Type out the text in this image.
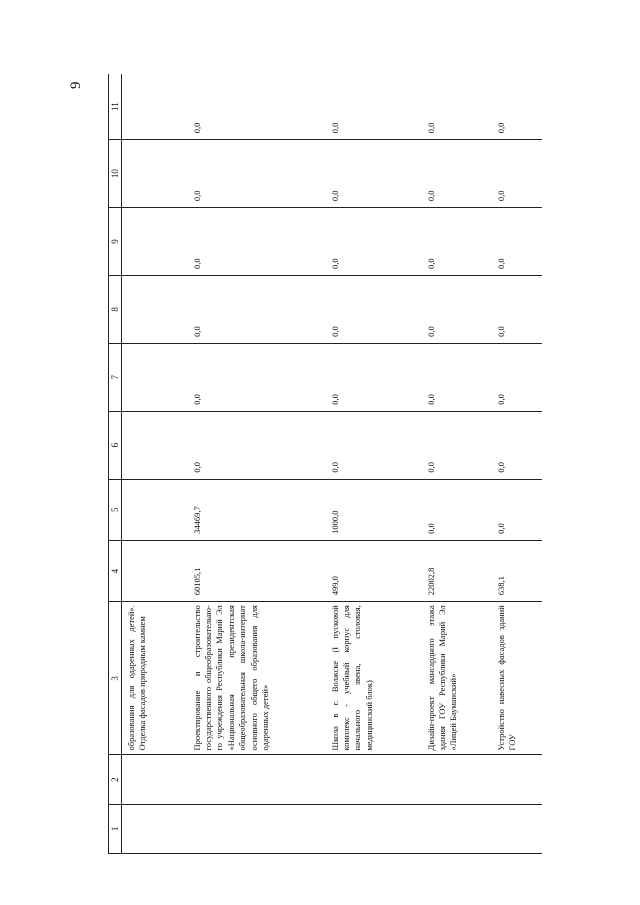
9
1	2	3	4	5	6	7	8	9	10	11
		образования для одаренных детей». Отделка фасадов природным камнем								
		Проектирование и строительство государственного общеобразовательно-го учреждения Республики Марий Эл «Национальная президентская общеобразовательная школа-интернат основного общего образования для одаренных детей»	60105,1	34469,7	0,0	0,0	0,0	0,0	0,0	0,0
		Школа в г. Волжске (I пусковой комплекс - учебный корпус для начального звена, столовая, медицинский блок)	499,0	1000,0	0,0	0,0	0,0	0,0	0,0	0,0
		Дизайн-проект мансардного этажа здания ГОУ Республики Марий Эл «Лицей Бауманский»	22002,8	0,0	0,0	0,0	0,0	0,0	0,0	0,0
		Устройство навесных фасадов зданий ГОУ	638,1	0,0	0,0	0,0	0,0	0,0	0,0	0,0
